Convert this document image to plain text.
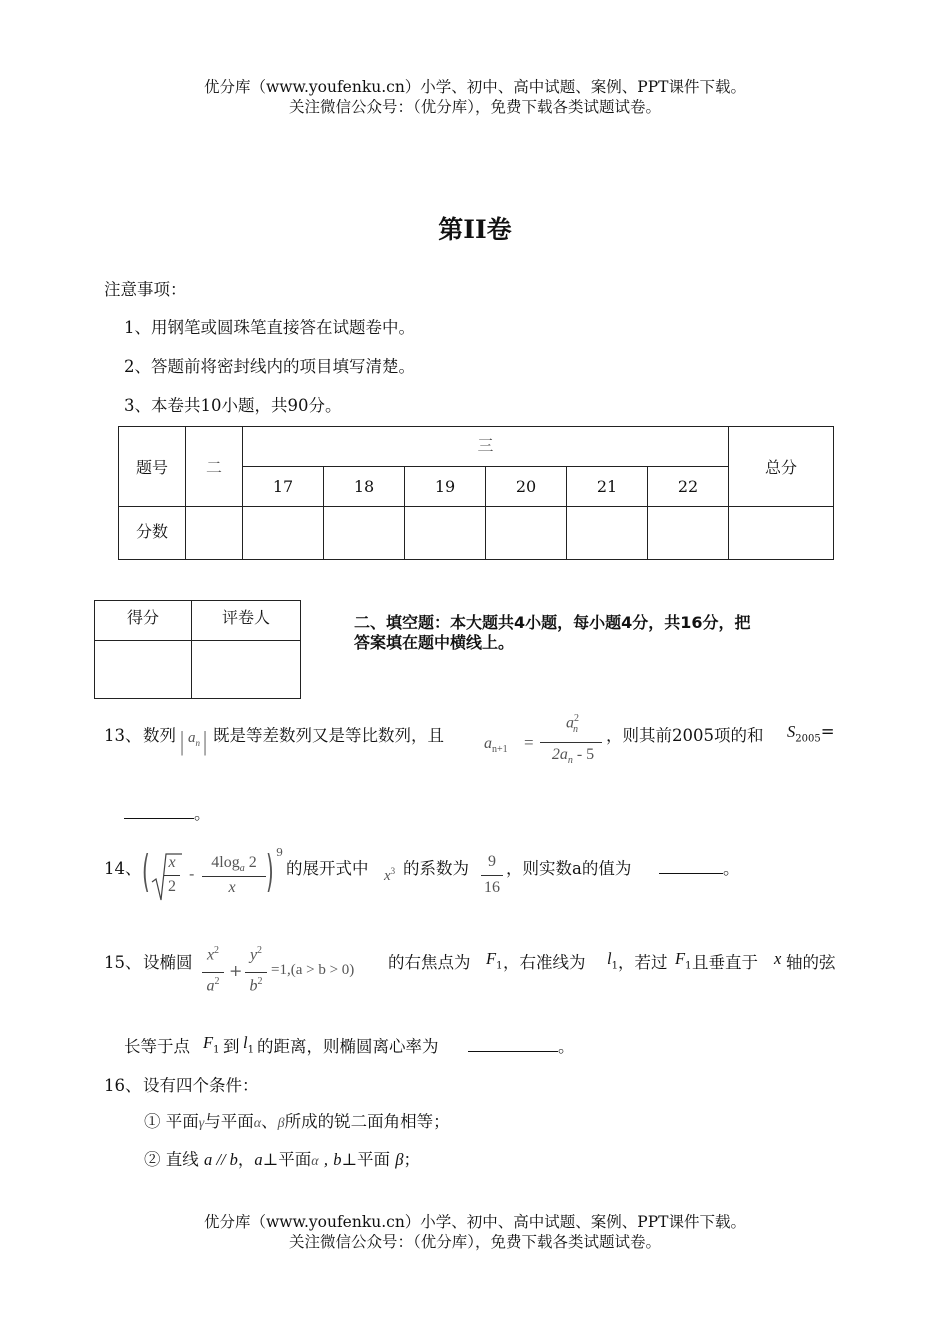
优分库（www.youfenku.cn）小学、初中、高中试题、案例、PPT课件下载。
关注微信公众号：（优分库），免费下载各类试题试卷。
第II卷
注意事项：
1、用钢笔或圆珠笔直接答在试题卷中。
2、答题前将密封线内的项目填写清楚。
3、本卷共10小题，共90分。
题号	二	三						总分
		17	18	19	20	21	22	
分数								
得分	评卷人
		二、填空题：本大题共4小题，每小题4分，共16分，把
答案填在题中横线上。
13、 数列 | $a_n$ | 既是等差数列又是等比数列，且	$a_{n+1}$ =
$a^2_n$
$2a_n - 5$
，则其前2005项的和 $S_{2005}=$
。
14、 (	x
2
-
$4\log_a$ 2
x ) 9
的展开式中 $x^3$ 的系数为	9
16
，则实数a的值为	。
15、 设椭圆 $x^2$
$a^2$
+
$y^2$
$b^2$
=1,(a > b > 0) 的右焦点为 $F_1$ ，右准线为 $l_1$ ，若过 $F_1$ 且垂直于 x 轴的弦
长等于点 $F_1$ 到 $l_1$ 的距离，则椭圆离心率为	。
16、 设有四个条件：
① 平面γ与平面α、β所成的锐二面角相等；
② 直线 a // b，a⊥平面α , b⊥平面 β；
优分库（www.youfenku.cn）小学、初中、高中试题、案例、PPT课件下载。
关注微信公众号：（优分库），免费下载各类试题试卷。
